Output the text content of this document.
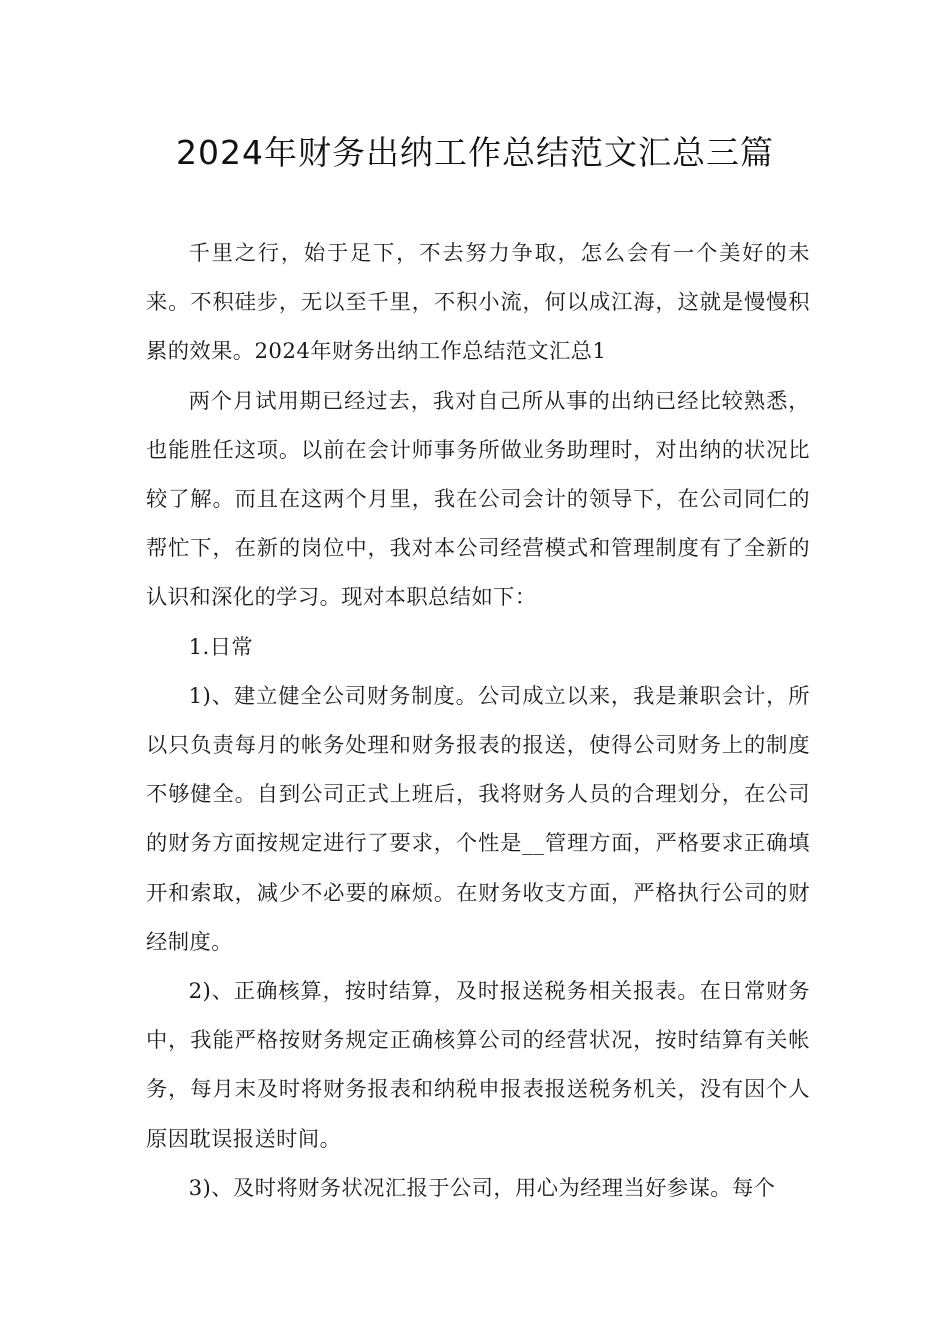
2024年财务出纳工作总结范文汇总三篇

千里之行，始于足下，不去努力争取，怎么会有一个美好的未来。不积硅步，无以至千里，不积小流，何以成江海，这就是慢慢积累的效果。2024年财务出纳工作总结范文汇总1

两个月试用期已经过去，我对自己所从事的出纳已经比较熟悉，也能胜任这项。以前在会计师事务所做业务助理时，对出纳的状况比较了解。而且在这两个月里，我在公司会计的领导下，在公司同仁的帮忙下，在新的岗位中，我对本公司经营模式和管理制度有了全新的认识和深化的学习。现对本职总结如下：

1.日常

1)、建立健全公司财务制度。公司成立以来，我是兼职会计，所以只负责每月的帐务处理和财务报表的报送，使得公司财务上的制度不够健全。自到公司正式上班后，我将财务人员的合理划分，在公司的财务方面按规定进行了要求，个性是__管理方面，严格要求正确填开和索取，减少不必要的麻烦。在财务收支方面，严格执行公司的财经制度。

2)、正确核算，按时结算，及时报送税务相关报表。在日常财务中，我能严格按财务规定正确核算公司的经营状况，按时结算有关帐务，每月末及时将财务报表和纳税申报表报送税务机关，没有因个人原因耽误报送时间。

3)、及时将财务状况汇报于公司，用心为经理当好参谋。每个
